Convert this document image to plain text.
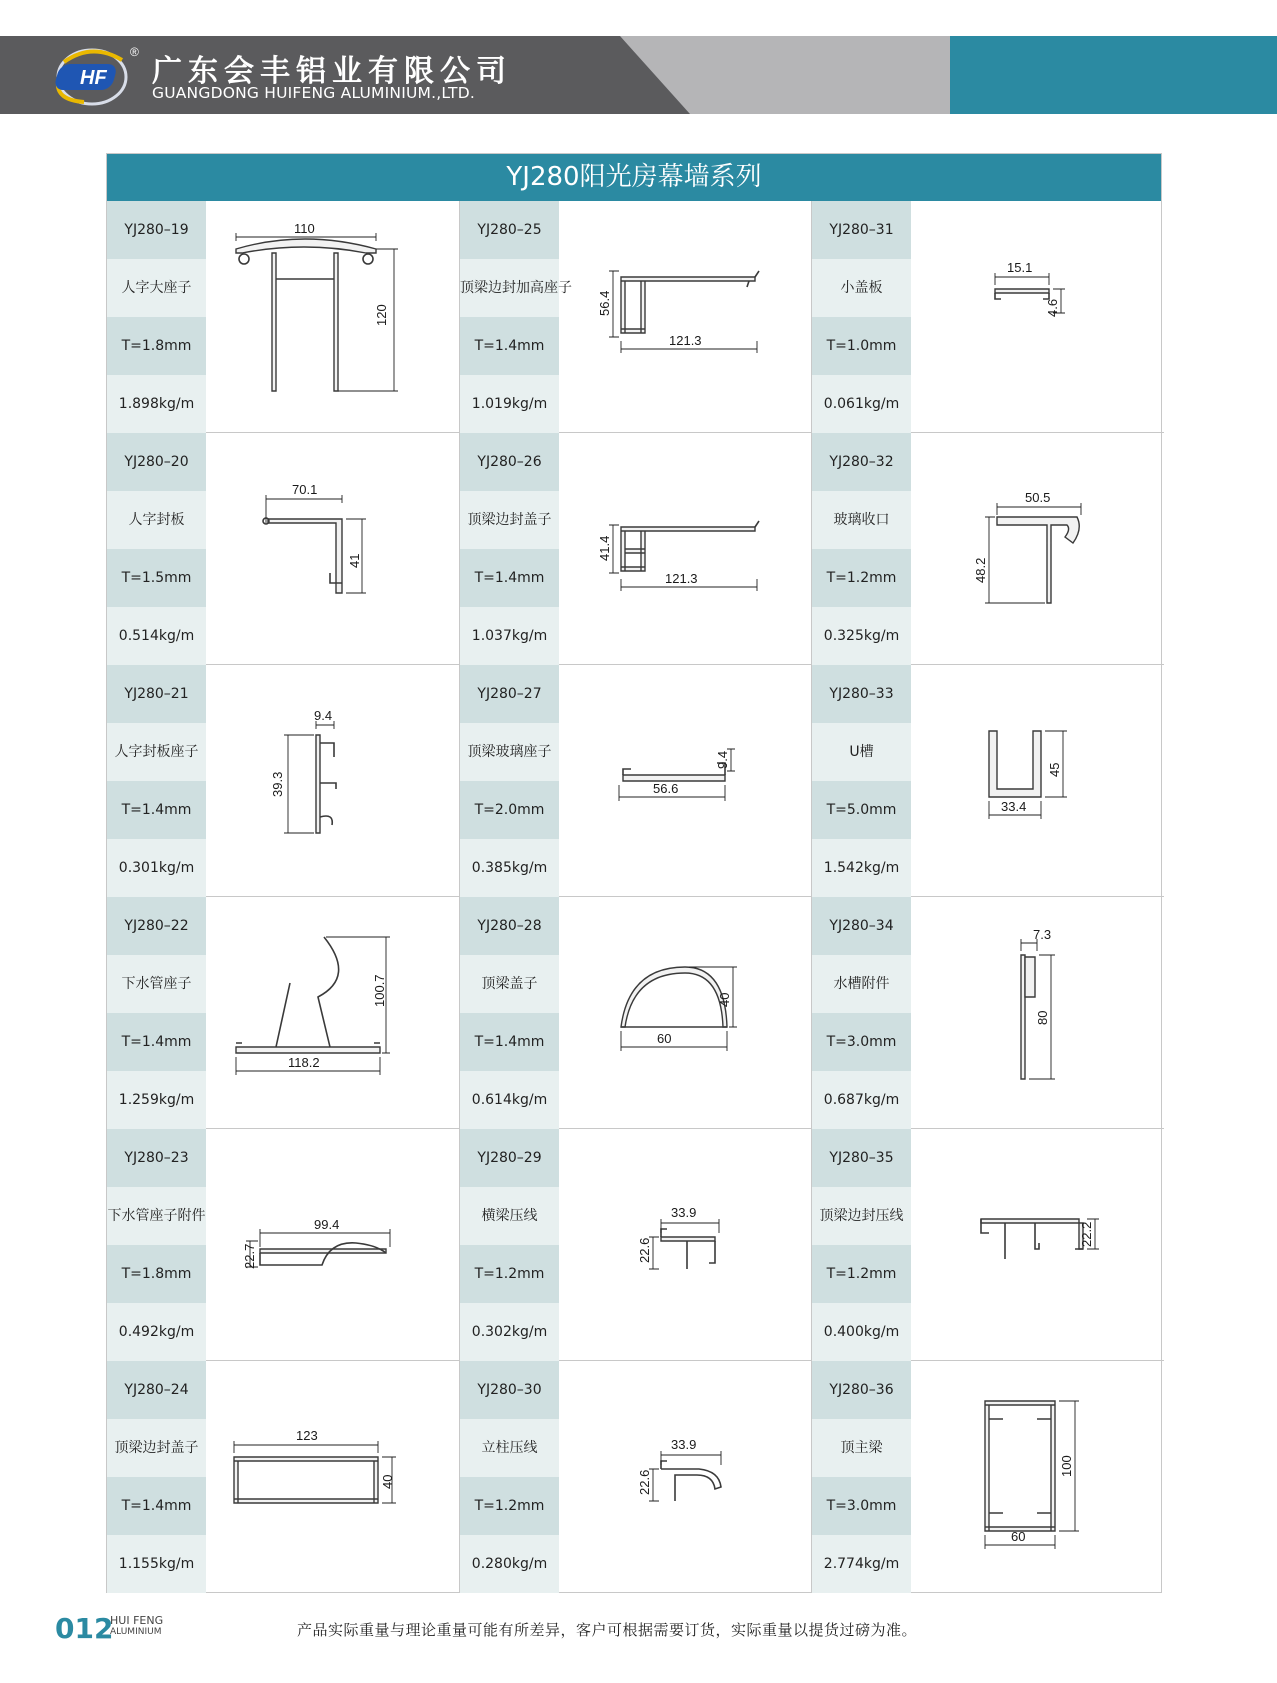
HF
®
广东会丰铝业有限公司
GUANGDONG HUIFENG ALUMINIUM.,LTD.
YJ280阳光房幕墙系列
YJ280–19
人字大座子
T=1.8mm
1.898kg/m
110
120
YJ280–20
人字封板
T=1.5mm
0.514kg/m
70.1
41
YJ280–21
人字封板座子
T=1.4mm
0.301kg/m
9.4
39.3
YJ280–22
下水管座子
T=1.4mm
1.259kg/m
118.2
100.7
YJ280–23
下水管座子附件
T=1.8mm
0.492kg/m
99.4
22.7
YJ280–24
顶梁边封盖子
T=1.4mm
1.155kg/m
123
40
YJ280–25
顶梁边封加高座子
T=1.4mm
1.019kg/m
56.4
121.3
YJ280–26
顶梁边封盖子
T=1.4mm
1.037kg/m
41.4
121.3
YJ280–27
顶梁玻璃座子
T=2.0mm
0.385kg/m
56.6
9.4
YJ280–28
顶梁盖子
T=1.4mm
0.614kg/m
60
40
YJ280–29
横梁压线
T=1.2mm
0.302kg/m
33.9
22.6
YJ280–30
立柱压线
T=1.2mm
0.280kg/m
33.9
22.6
YJ280–31
小盖板
T=1.0mm
0.061kg/m
15.1
4.6
YJ280–32
玻璃收口
T=1.2mm
0.325kg/m
50.5
48.2
YJ280–33
U槽
T=5.0mm
1.542kg/m
33.4
45
YJ280–34
水槽附件
T=3.0mm
0.687kg/m
7.3
80
YJ280–35
顶梁边封压线
T=1.2mm
0.400kg/m
22.2
YJ280–36
顶主梁
T=3.0mm
2.774kg/m
60
100
012
HUI FENG
ALUMINIUM	产品实际重量与理论重量可能有所差异，客户可根据需要订货，实际重量以提货过磅为准。
